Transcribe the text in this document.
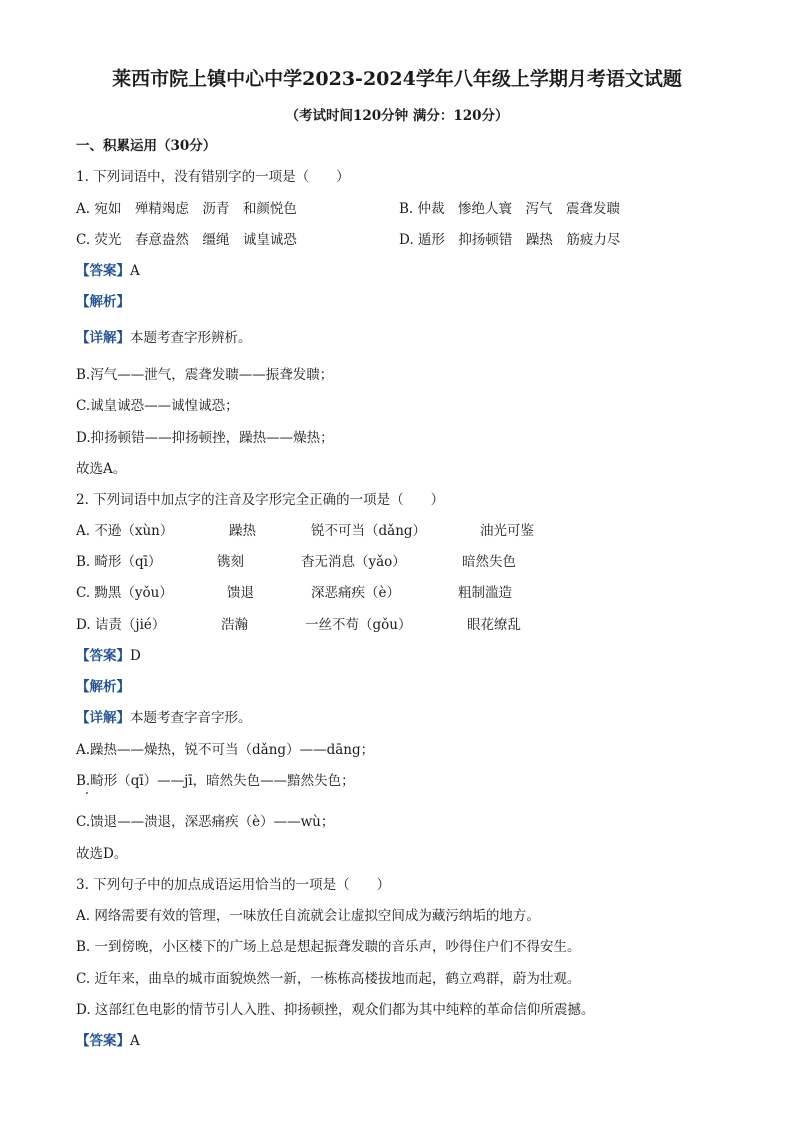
莱西市院上镇中心中学2023-2024学年八年级上学期月考语文试题
（考试时间120分钟 满分：120分）
一、积累运用（30分）
1. 下列词语中，没有错别字的一项是（　　）
A. 宛如　殚精竭虑　沥青　和颜悦色	B. 仲裁　惨绝人寰　泻气　震聋发聩
C. 荧光　春意盎然　缰绳　诚皇诚恐	D. 遁形　抑扬顿错　躁热　筋疲力尽
【答案】A
【解析】
【详解】本题考查字形辨析。
B.泻气——泄气，震聋发聩——振聋发聩；
C.诚皇诚恐——诚惶诚恐；
D.抑扬顿错——抑扬顿挫，躁热——燥热；
故选A。
2. 下列词语中加点字的注音及字形完全正确的一项是（　　）
A. 不逊（xùn）	躁热	锐不可当（dǎng）	油光可鉴
B. 畸形（qī）	镌刻	杳无消息（yǎo）	暗然失色
C. 黝黑（yǒu）	馈退	深恶痛疾（è）	粗制滥造
D. 诘责（jié）	浩瀚	一丝不苟（gǒu）	眼花缭乱
【答案】D
【解析】
【详解】本题考查字音字形。
A.躁热——燥热，锐不可当（dǎng）——dāng；
B.畸形（qī）——jī，暗然失色——黯然失色；
C.馈退——溃退，深恶痛疾（è）——wù；
故选D。
3. 下列句子中的加点成语运用恰当的一项是（　　）
A. 网络需要有效的管理，一味放任自流就会让虚拟空间成为藏污纳垢的地方。
B. 一到傍晚，小区楼下的广场上总是想起振聋发聩的音乐声，吵得住户们不得安生。
C. 近年来，曲阜的城市面貌焕然一新，一栋栋高楼拔地而起，鹤立鸡群，蔚为壮观。
D. 这部红色电影的情节引人入胜、抑扬顿挫，观众们都为其中纯粹的革命信仰所震撼。
【答案】A
